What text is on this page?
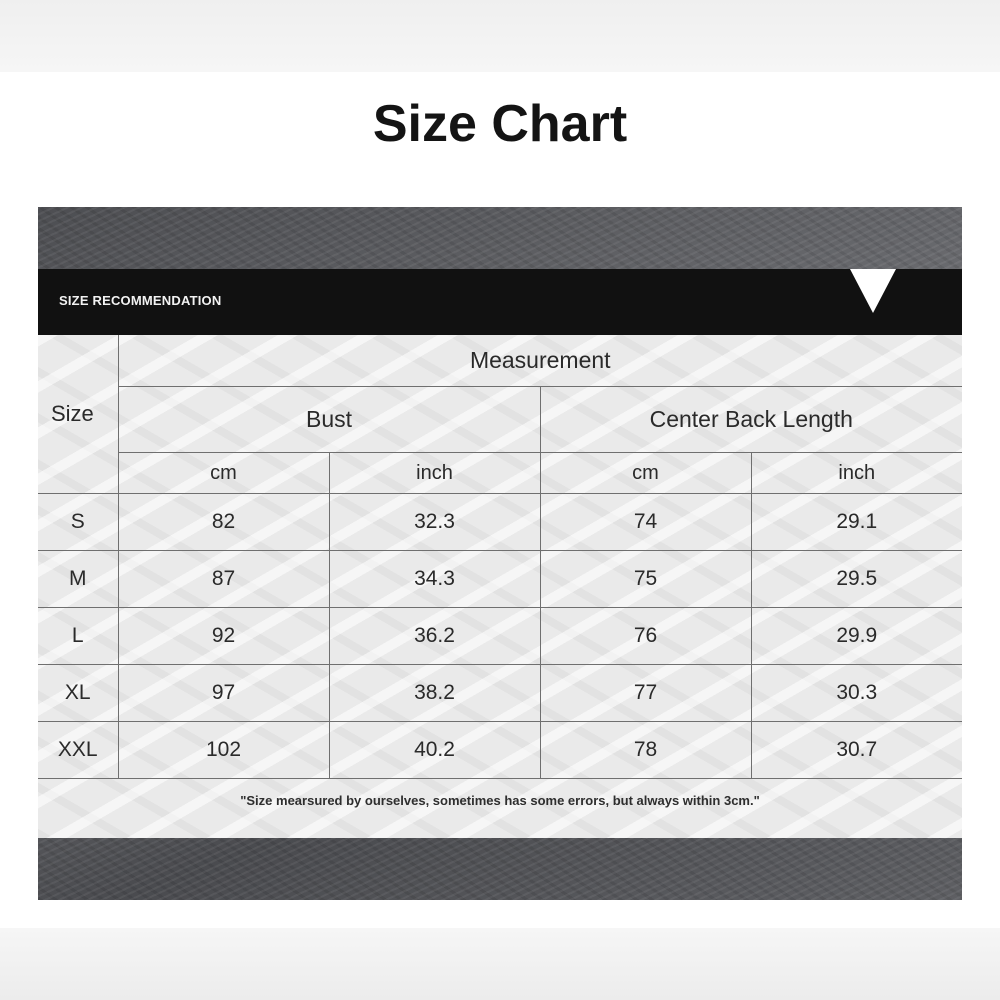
Size Chart
SIZE RECOMMENDATION
Size	Measurement			
	Bust		Center Back Length	
	cm	inch	cm	inch
S	82	32.3	74	29.1
M	87	34.3	75	29.5
L	92	36.2	76	29.9
XL	97	38.2	77	30.3
XXL	102	40.2	78	30.7
"Size mearsured by ourselves, sometimes has some errors, but always within 3cm."
